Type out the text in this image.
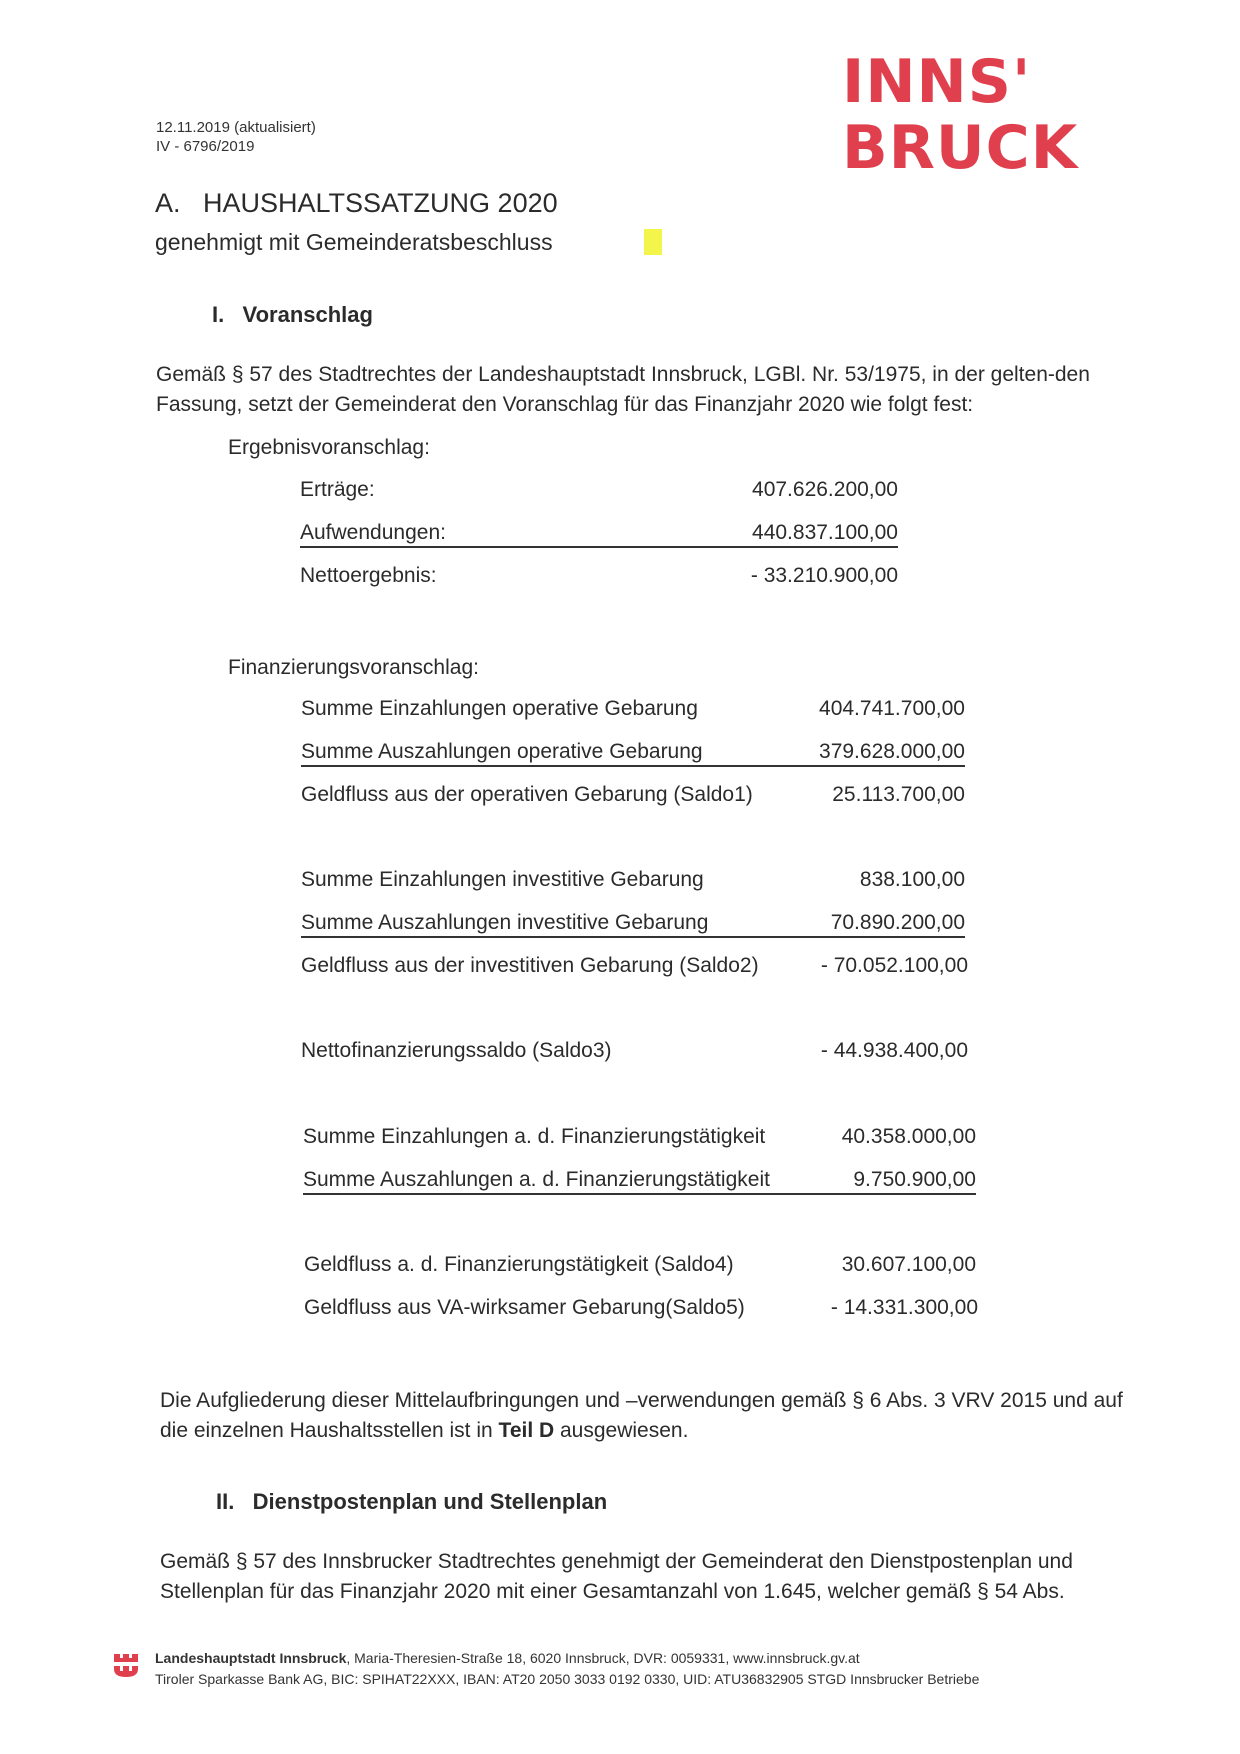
12.11.2019 (aktualisiert)
IV - 6796/2019
INNS'
BRUCK
A.   HAUSHALTSSATZUNG 2020
genehmigt mit Gemeinderatsbeschluss
I.   Voranschlag
Gemäß § 57 des Stadtrechtes der Landeshauptstadt Innsbruck, LGBl. Nr. 53/1975, in der gelten-den Fassung, setzt der Gemeinderat den Voranschlag für das Finanzjahr 2020 wie folgt fest:
Ergebnisvoranschlag:
Erträge:	407.626.200,00
Aufwendungen:	440.837.100,00
Nettoergebnis:	- 33.210.900,00
Finanzierungsvoranschlag:
Summe Einzahlungen operative Gebarung	404.741.700,00
Summe Auszahlungen operative Gebarung	379.628.000,00
Geldfluss aus der operativen Gebarung (Saldo1)	25.113.700,00
Summe Einzahlungen investitive Gebarung	838.100,00
Summe Auszahlungen investitive Gebarung	70.890.200,00
Geldfluss aus der investitiven Gebarung (Saldo2)	- 70.052.100,00
Nettofinanzierungssaldo (Saldo3)	- 44.938.400,00
Summe Einzahlungen a. d. Finanzierungstätigkeit	40.358.000,00
Summe Auszahlungen a. d. Finanzierungstätigkeit	9.750.900,00
Geldfluss a. d. Finanzierungstätigkeit (Saldo4)	30.607.100,00
Geldfluss aus VA-wirksamer Gebarung(Saldo5)	- 14.331.300,00
Die Aufgliederung dieser Mittelaufbringungen und –verwendungen gemäß § 6 Abs. 3 VRV 2015 und auf die einzelnen Haushaltsstellen ist in Teil D ausgewiesen.
II.   Dienstpostenplan und Stellenplan
Gemäß § 57 des Innsbrucker Stadtrechtes genehmigt der Gemeinderat den Dienstpostenplan und Stellenplan für das Finanzjahr 2020 mit einer Gesamtanzahl von 1.645, welcher gemäß § 54 Abs.
Landeshauptstadt Innsbruck, Maria-Theresien-Straße 18, 6020 Innsbruck, DVR: 0059331, www.innsbruck.gv.at
Tiroler Sparkasse Bank AG, BIC: SPIHAT22XXX, IBAN: AT20 2050 3033 0192 0330, UID: ATU36832905 STGD Innsbrucker Betriebe
